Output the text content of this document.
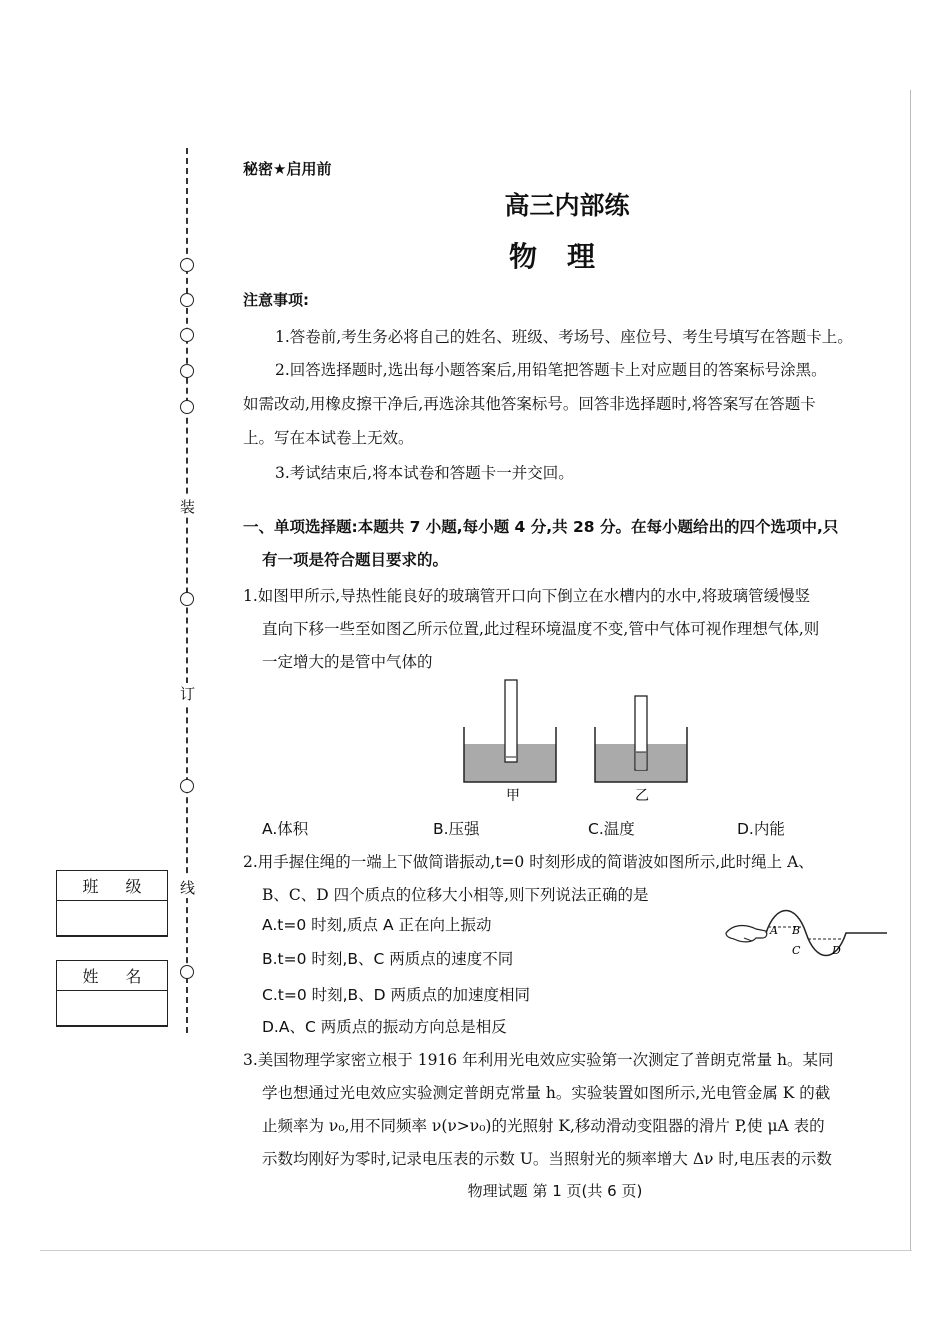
装
订
线
班 级
姓 名
秘密★启用前
高三内部练
物理
注意事项:
1.答卷前,考生务必将自己的姓名、班级、考场号、座位号、考生号填写在答题卡上。
2.回答选择题时,选出每小题答案后,用铅笔把答题卡上对应题目的答案标号涂黑。
如需改动,用橡皮擦干净后,再选涂其他答案标号。回答非选择题时,将答案写在答题卡
上。写在本试卷上无效。
3.考试结束后,将本试卷和答题卡一并交回。
一、单项选择题:本题共 7 小题,每小题 4 分,共 28 分。在每小题给出的四个选项中,只
有一项是符合题目要求的。
1.如图甲所示,导热性能良好的玻璃管开口向下倒立在水槽内的水中,将玻璃管缓慢竖
直向下移一些至如图乙所示位置,此过程环境温度不变,管中气体可视作理想气体,则
一定增大的是管中气体的
甲	乙
A.体积	B.压强	C.温度	D.内能
2.用手握住绳的一端上下做简谐振动,t=0 时刻形成的简谐波如图所示,此时绳上 A、
B、C、D 四个质点的位移大小相等,则下列说法正确的是
A.t=0 时刻,质点 A 正在向上振动
B.t=0 时刻,B、C 两质点的速度不同
C.t=0 时刻,B、D 两质点的加速度相同
D.A、C 两质点的振动方向总是相反
A B
C	D
3.美国物理学家密立根于 1916 年利用光电效应实验第一次测定了普朗克常量 h。某同
学也想通过光电效应实验测定普朗克常量 h。实验装置如图所示,光电管金属 K 的截
止频率为 ν₀,用不同频率 ν(ν>ν₀)的光照射 K,移动滑动变阻器的滑片 P,使 μA 表的
示数均刚好为零时,记录电压表的示数 U。当照射光的频率增大 Δν 时,电压表的示数
物理试题 第 1 页(共 6 页)
